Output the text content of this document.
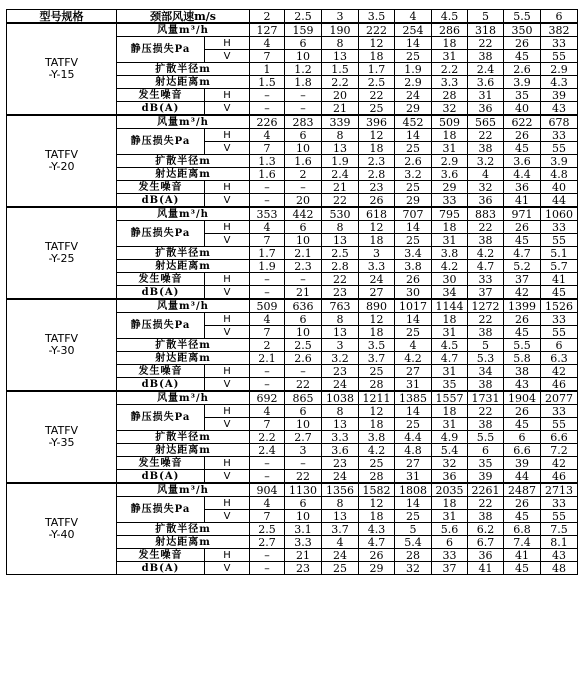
型号规格	颈部风速m/s		2	2.5	3	3.5	4	4.5	5	5.5	6

TATFV
-Y-15	风量m³/h		127	159	190	222	254	286	318	350	382
	静压损失Pa	H	4	6	8	12	14	18	22	26	33
		V	7	10	13	18	25	31	38	45	55
	扩散半径m		1	1.2	1.5	1.7	1.9	2.2	2.4	2.6	2.9
	射达距离m		1.5	1.8	2.2	2.5	2.9	3.3	3.6	3.9	4.3
	发生噪音	H	–	–	20	22	24	28	31	35	39
	dB(A)										
		V	–	–	21	25	29	32	36	40	43

TATFV
-Y-20	风量m³/h		226	283	339	396	452	509	565	622	678
	静压损失Pa	H	4	6	8	12	14	18	22	26	33
		V	7	10	13	18	25	31	38	45	55
	扩散半径m		1.3	1.6	1.9	2.3	2.6	2.9	3.2	3.6	3.9
	射达距离m		1.6	2	2.4	2.8	3.2	3.6	4	4.4	4.8
	发生噪音	H	–	–	21	23	25	29	32	36	40
	dB(A)										
		V	–	20	22	26	29	33	36	41	44

TATFV
-Y-25	风量m³/h		353	442	530	618	707	795	883	971	1060
	静压损失Pa	H	4	6	8	12	14	18	22	26	33
		V	7	10	13	18	25	31	38	45	55
	扩散半径m		1.7	2.1	2.5	3	3.4	3.8	4.2	4.7	5.1
	射达距离m		1.9	2.3	2.8	3.3	3.8	4.2	4.7	5.2	5.7
	发生噪音	H	–	–	22	24	26	30	33	37	41
	dB(A)										
		V	–	21	23	27	30	34	37	42	45

TATFV
-Y-30	风量m³/h		509	636	763	890	1017	1144	1272	1399	1526
	静压损失Pa	H	4	6	8	12	14	18	22	26	33
		V	7	10	13	18	25	31	38	45	55
	扩散半径m		2	2.5	3	3.5	4	4.5	5	5.5	6
	射达距离m		2.1	2.6	3.2	3.7	4.2	4.7	5.3	5.8	6.3
	发生噪音	H	–	–	23	25	27	31	34	38	42
	dB(A)										
		V	–	22	24	28	31	35	38	43	46

TATFV
-Y-35	风量m³/h		692	865	1038	1211	1385	1557	1731	1904	2077
	静压损失Pa	H	4	6	8	12	14	18	22	26	33
		V	7	10	13	18	25	31	38	45	55
	扩散半径m		2.2	2.7	3.3	3.8	4.4	4.9	5.5	6	6.6
	射达距离m		2.4	3	3.6	4.2	4.8	5.4	6	6.6	7.2
	发生噪音	H	–	–	23	25	27	32	35	39	42
	dB(A)										
		V	–	22	24	28	31	36	39	44	46

TATFV
-Y-40	风量m³/h		904	1130	1356	1582	1808	2035	2261	2487	2713
	静压损失Pa	H	4	6	8	12	14	18	22	26	33
		V	7	10	13	18	25	31	38	45	55
	扩散半径m		2.5	3.1	3.7	4.3	5	5.6	6.2	6.8	7.5
	射达距离m		2.7	3.3	4	4.7	5.4	6	6.7	7.4	8.1
	发生噪音	H	–	21	24	26	28	33	36	41	43
	dB(A)										
		V	–	23	25	29	32	37	41	45	48
